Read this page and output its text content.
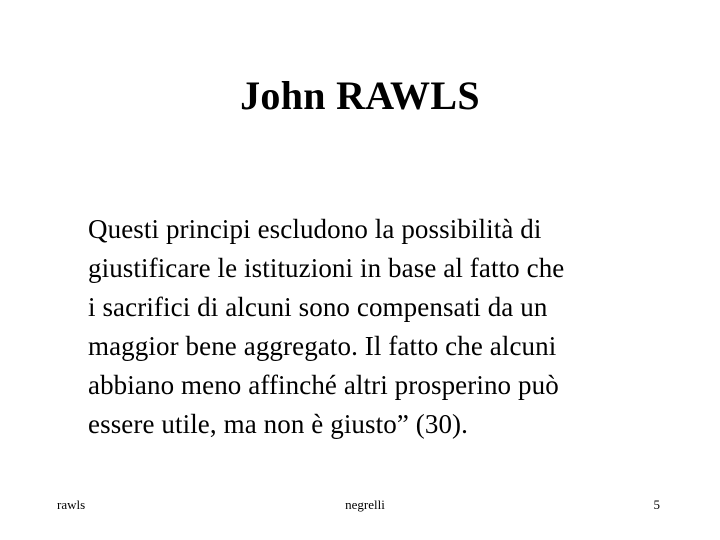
John RAWLS
Questi principi escludono la possibilità di
giustificare le istituzioni in base al fatto che
i sacrifici di alcuni sono compensati da un
maggior bene aggregato. Il fatto che alcuni
abbiano meno affinché altri prosperino può
essere utile, ma non è giusto” (30).
rawls	negrelli	5
